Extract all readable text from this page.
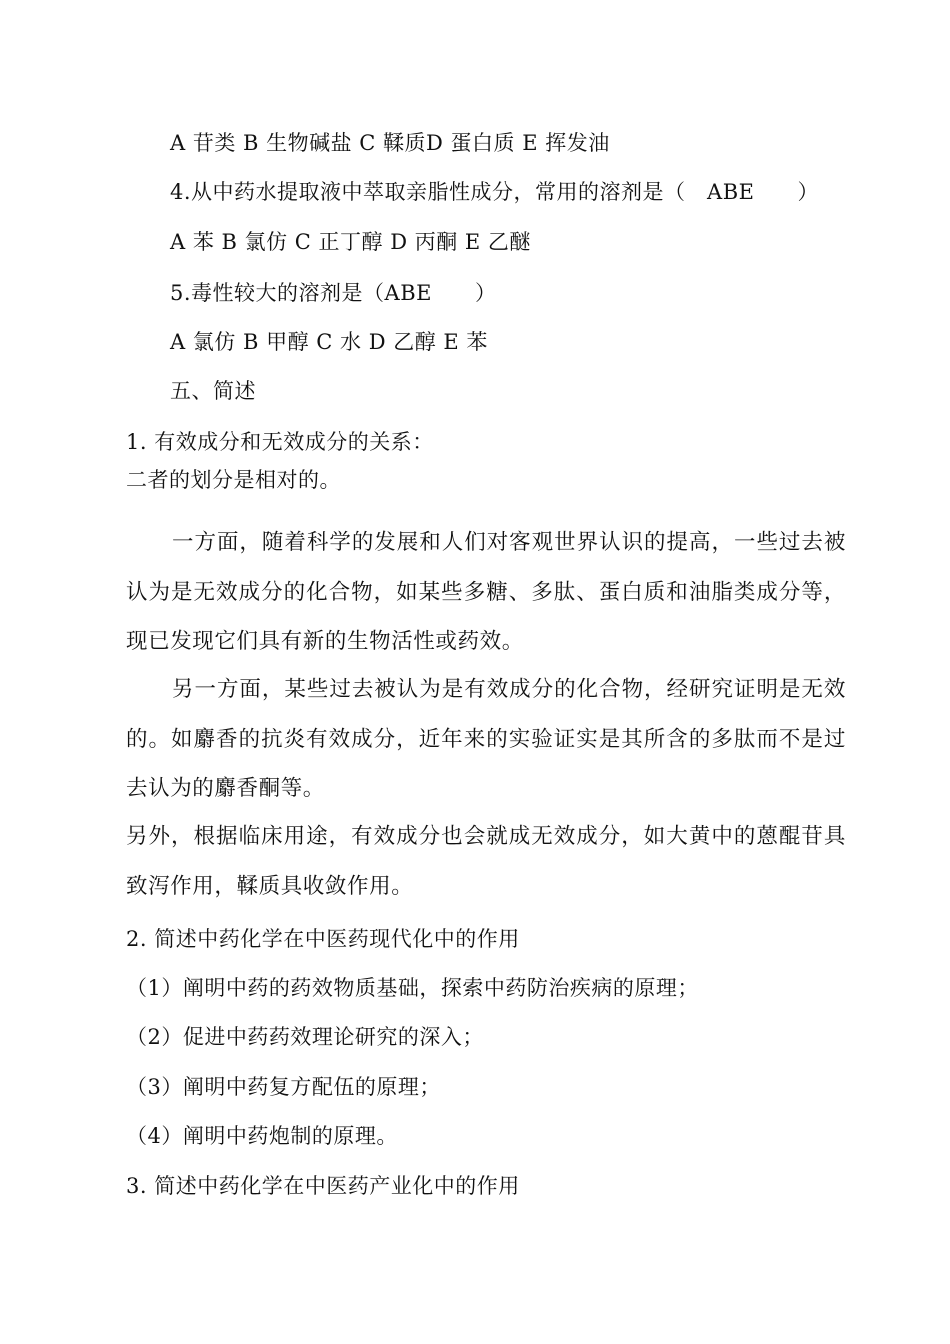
A 苷类 B 生物碱盐 C 鞣质D 蛋白质 E 挥发油
4.从中药水提取液中萃取亲脂性成分，常用的溶剂是（　ABE　　）
A 苯 B 氯仿 C 正丁醇 D 丙酮 E 乙醚
5.毒性较大的溶剂是（ABE　　）
A 氯仿 B 甲醇 C 水 D 乙醇 E 苯
五、简述
1. 有效成分和无效成分的关系：
二者的划分是相对的。
一方面，随着科学的发展和人们对客观世界认识的提高，一些过去被认为是无效成分的化合物，如某些多糖、多肽、蛋白质和油脂类成分等，现已发现它们具有新的生物活性或药效。
另一方面，某些过去被认为是有效成分的化合物，经研究证明是无效的。如麝香的抗炎有效成分，近年来的实验证实是其所含的多肽而不是过去认为的麝香酮等。
另外，根据临床用途，有效成分也会就成无效成分，如大黄中的蒽醌苷具致泻作用，鞣质具收敛作用。
2. 简述中药化学在中医药现代化中的作用
（1）阐明中药的药效物质基础，探索中药防治疾病的原理；
（2）促进中药药效理论研究的深入；
（3）阐明中药复方配伍的原理；
（4）阐明中药炮制的原理。
3. 简述中药化学在中医药产业化中的作用
